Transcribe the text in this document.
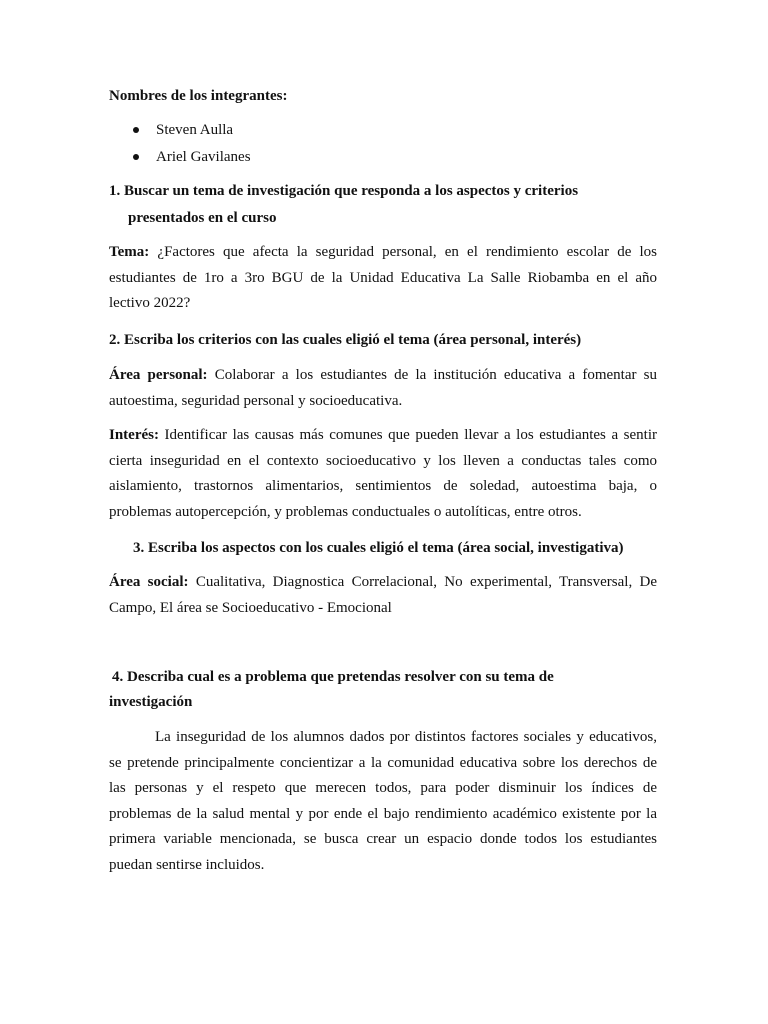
Nombres de los integrantes:
Steven Aulla
Ariel Gavilanes
1. Buscar un tema de investigación que responda a los aspectos y criterios
presentados en el curso
Tema: ¿Factores que afecta la seguridad personal, en el rendimiento escolar de los
estudiantes de 1ro a 3ro BGU de la Unidad Educativa La Salle Riobamba en el año
lectivo 2022?
2. Escriba los criterios con las cuales eligió el tema (área personal, interés)
Área personal: Colaborar a los estudiantes de la institución educativa a fomentar su
autoestima, seguridad personal y socioeducativa.
Interés: Identificar las causas más comunes que pueden llevar a los estudiantes a sentir
cierta inseguridad en el contexto socioeducativo y los lleven a conductas tales como
aislamiento, trastornos alimentarios, sentimientos de soledad, autoestima baja, o
problemas autopercepción, y problemas conductuales o autolíticas, entre otros.
3. Escriba los aspectos con los cuales eligió el tema (área social, investigativa)
Área social: Cualitativa, Diagnostica Correlacional, No experimental, Transversal, De
Campo, El área se Socioeducativo - Emocional
4. Describa cual es a problema que pretendas resolver con su tema de
investigación
La inseguridad de los alumnos dados por distintos factores sociales y educativos,
se pretende principalmente concientizar a la comunidad educativa sobre los derechos de
las personas y el respeto que merecen todos, para poder disminuir los índices de
problemas de la salud mental y por ende el bajo rendimiento académico existente por la
primera variable mencionada, se busca crear un espacio donde todos los estudiantes
puedan sentirse incluidos.
